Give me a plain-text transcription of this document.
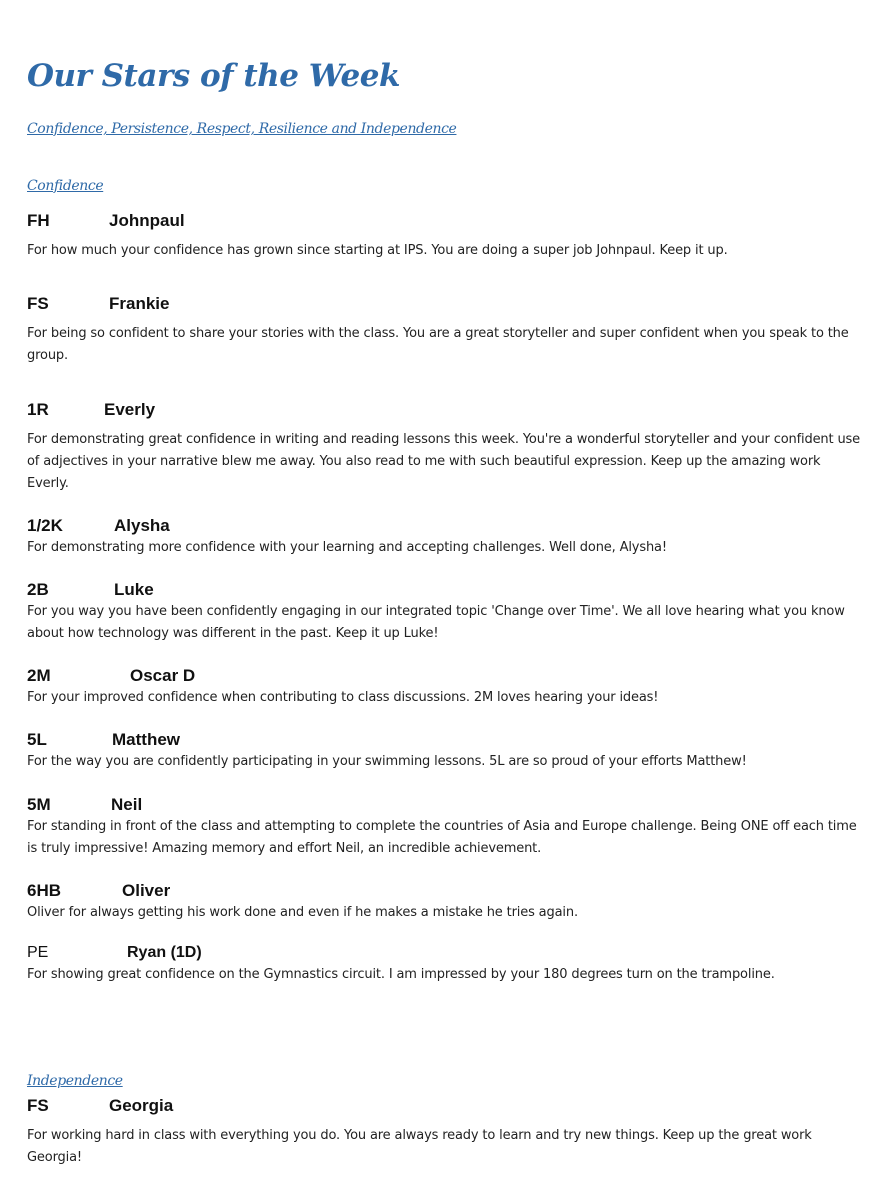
Our Stars of the Week
Confidence, Persistence, Respect, Resilience and Independence
Confidence
FH	Johnpaul
For how much your confidence has grown since starting at IPS. You are doing a super job Johnpaul. Keep it up.
FS	Frankie
For being so confident to share your stories with the class. You are a great storyteller and super confident when you speak to the group.
1R	Everly
For demonstrating great confidence in writing and reading lessons this week. You're a wonderful storyteller and your confident use of adjectives in your narrative blew me away. You also read to me with such beautiful expression. Keep up the amazing work Everly.
1/2K	Alysha
For demonstrating more confidence with your learning and accepting challenges. Well done, Alysha!
2B	Luke
For you way you have been confidently engaging in our integrated topic 'Change over Time'. We all love hearing what you know about how technology was different in the past. Keep it up Luke!
2M	Oscar D
For your improved confidence when contributing to class discussions. 2M loves hearing your ideas!
5L	Matthew
For the way you are confidently participating in your swimming lessons. 5L are so proud of your efforts Matthew!
5M	Neil
For standing in front of the class and attempting to complete the countries of Asia and Europe challenge. Being ONE off each time is truly impressive! Amazing memory and effort Neil, an incredible achievement.
6HB	Oliver
Oliver for always getting his work done and even if he makes a mistake he tries again.
PE	Ryan (1D)
For showing great confidence on the Gymnastics circuit. I am impressed by your 180 degrees turn on the trampoline.
Independence
FS	Georgia
For working hard in class with everything you do. You are always ready to learn and try new things. Keep up the great work Georgia!
